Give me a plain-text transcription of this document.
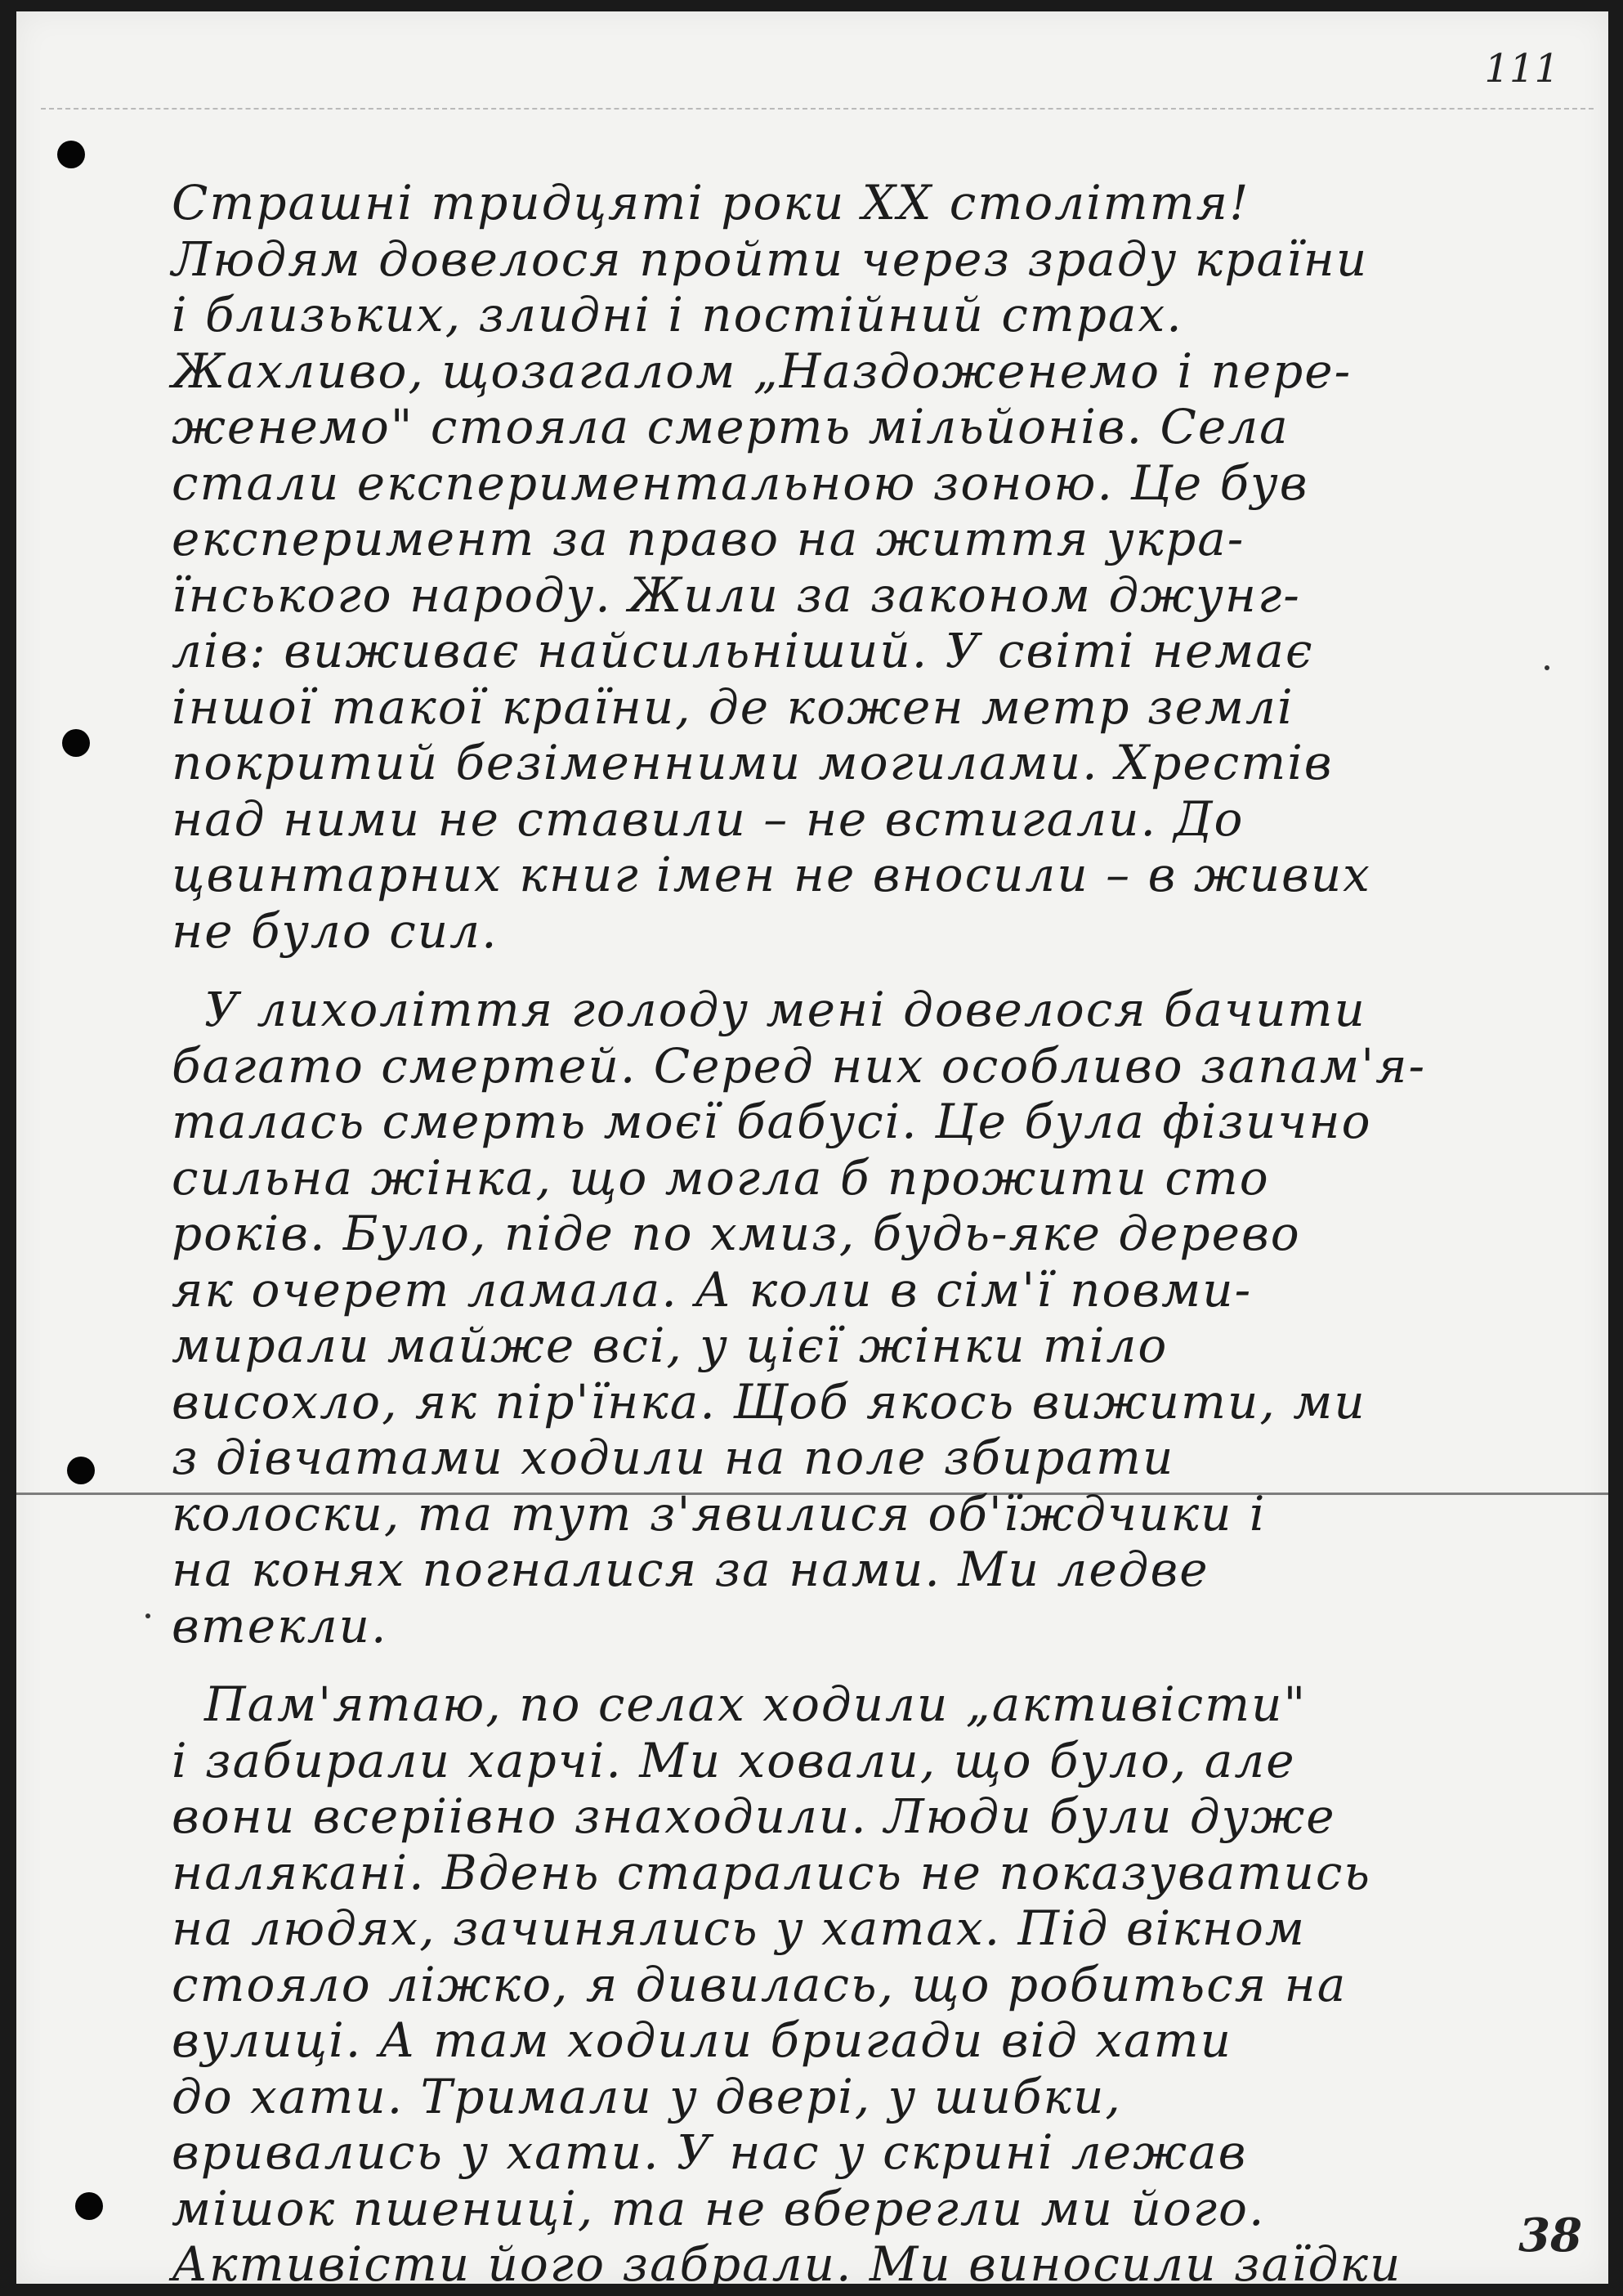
111
Страшні тридцяті роки ХХ століття!
Людям довелося пройти через зраду країни
і близьких, злидні і постійний страх.
Жахливо, щозагалом „Наздоженемо і пере-
женемо" стояла смерть мільйонів. Села
стали експериментальною зоною. Це був
експеримент за право на життя укра-
їнського народу. Жили за законом джунг-
лів: виживає найсильніший. У світі немає
іншої такої країни, де кожен метр землі
покритий безіменними могилами. Хрестів
над ними не ставили – не встигали. До
цвинтарних книг імен не вносили – в живих
не було сил.
У лихоліття голоду мені довелося бачити
багато смертей. Серед них особливо запам'я-
талась смерть моєї бабусі. Це була фізично
сильна жінка, що могла б прожити сто
років. Було, піде по хмиз, будь-яке дерево
як очерет ламала. А коли в сім'ї повми-
мирали майже всі, у цієї жінки тіло
висохло, як пір'їнка. Щоб якось вижити, ми
з дівчатами ходили на поле збирати
колоски, та тут з'явилися об'їждчики і
на конях погналися за нами. Ми ледве
втекли.
Пам'ятаю, по селах ходили „активісти"
і забирали харчі. Ми ховали, що було, але
вони всеріівно знаходили. Люди були дуже
налякані. Вдень старались не показуватись
на людях, зачинялись у хатах. Під вікном
стояло ліжко, я дивилась, що робиться на
вулиці. А там ходили бригади від хати
до хати. Тримали у двері, у шибки,
вривались у хати. У нас у скрині лежав
мішок пшениці, та не вберегли ми його.
Активісти його забрали. Ми виносили заїдки
38
